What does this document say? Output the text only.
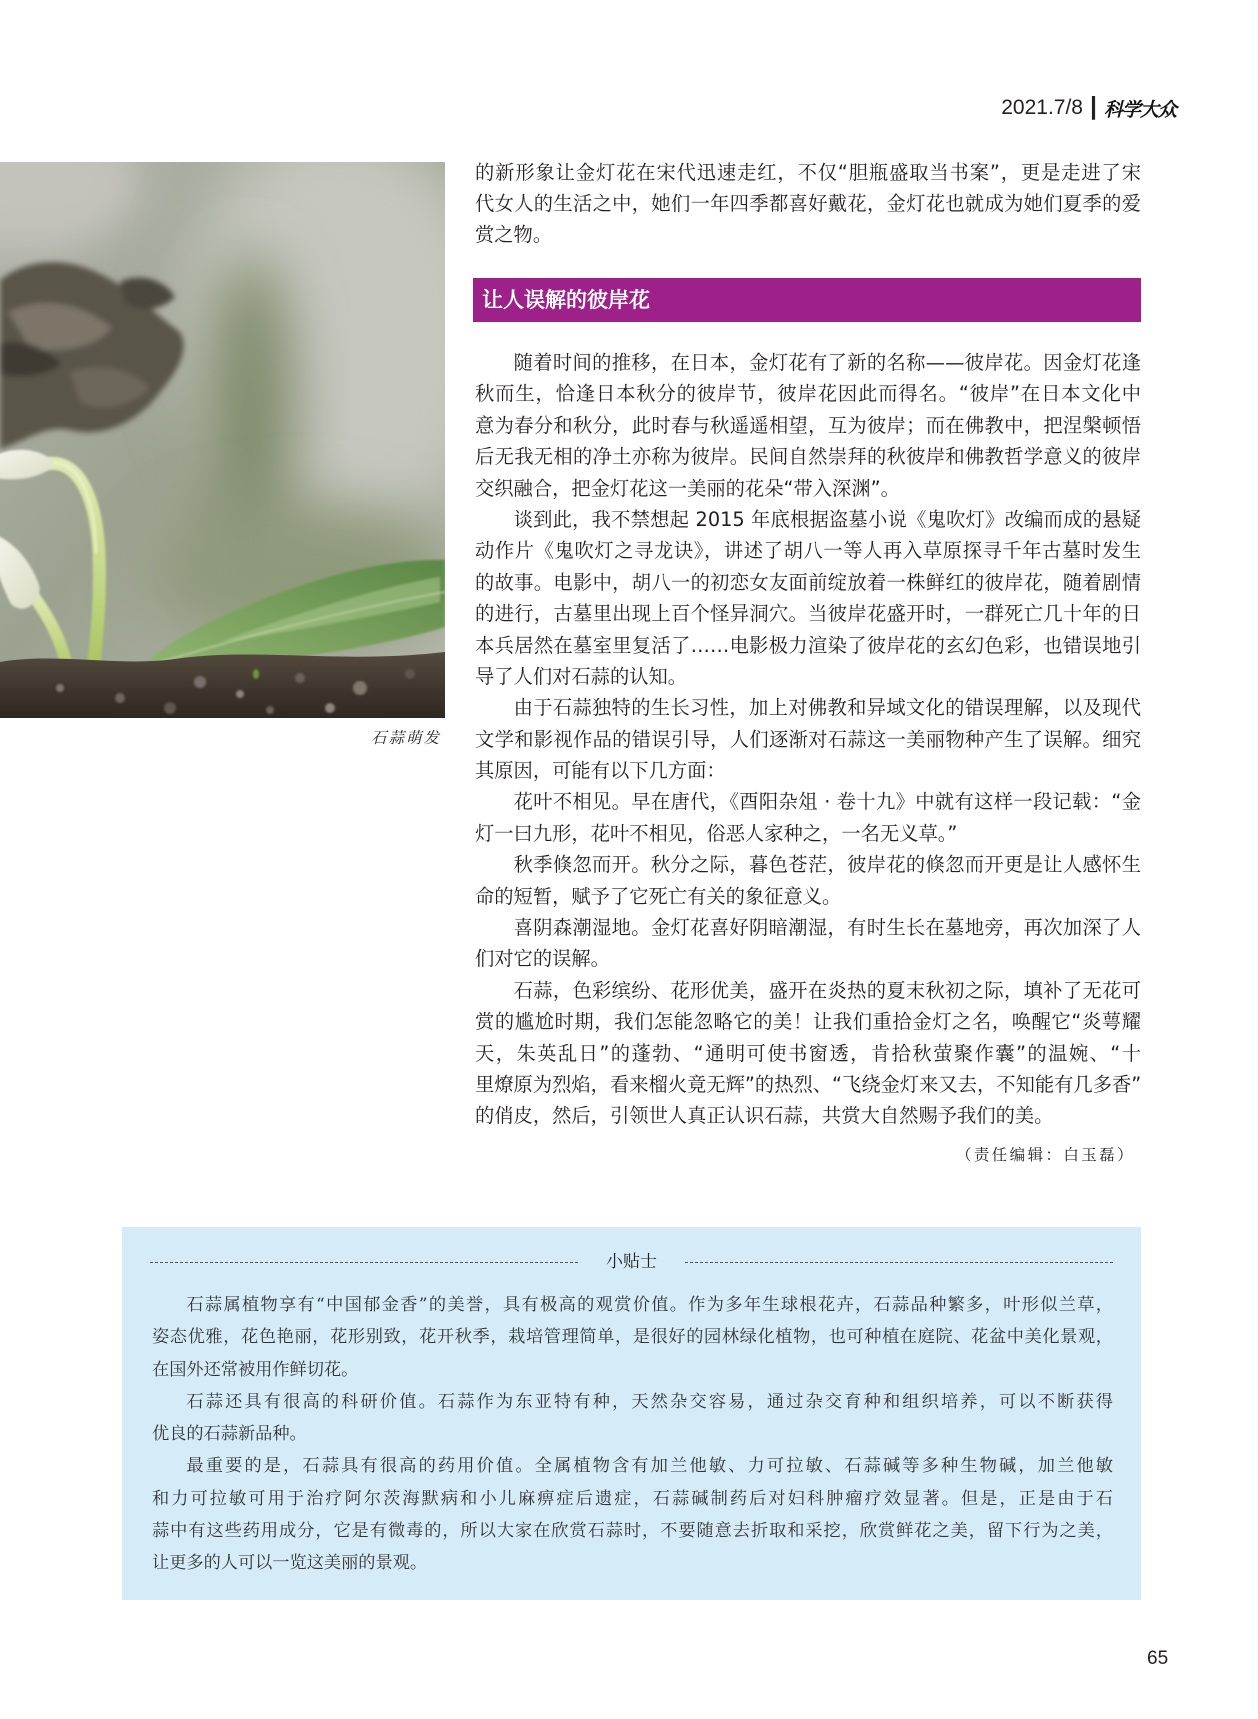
2021.7/8 | 科学大众
石蒜萌发
的新形象让金灯花在宋代迅速走红，不仅“胆瓶盛取当书案”，更是走进了宋
代女人的生活之中，她们一年四季都喜好戴花，金灯花也就成为她们夏季的爱
赏之物。
让人误解的彼岸花
随着时间的推移，在日本，金灯花有了新的名称——彼岸花。因金灯花逢
秋而生，恰逢日本秋分的彼岸节，彼岸花因此而得名。“彼岸”在日本文化中
意为春分和秋分，此时春与秋遥遥相望，互为彼岸；而在佛教中，把涅槃顿悟
后无我无相的净土亦称为彼岸。民间自然崇拜的秋彼岸和佛教哲学意义的彼岸
交织融合，把金灯花这一美丽的花朵“带入深渊”。
谈到此，我不禁想起 2015 年底根据盗墓小说《鬼吹灯》改编而成的悬疑
动作片《鬼吹灯之寻龙诀》，讲述了胡八一等人再入草原探寻千年古墓时发生
的故事。电影中，胡八一的初恋女友面前绽放着一株鲜红的彼岸花，随着剧情
的进行，古墓里出现上百个怪异洞穴。当彼岸花盛开时，一群死亡几十年的日
本兵居然在墓室里复活了……电影极力渲染了彼岸花的玄幻色彩，也错误地引
导了人们对石蒜的认知。
由于石蒜独特的生长习性，加上对佛教和异域文化的错误理解，以及现代
文学和影视作品的错误引导，人们逐渐对石蒜这一美丽物种产生了误解。细究
其原因，可能有以下几方面：
花叶不相见。早在唐代，《酉阳杂俎 · 卷十九》中就有这样一段记载：“金
灯一曰九形，花叶不相见，俗恶人家种之，一名无义草。”
秋季倏忽而开。秋分之际，暮色苍茫，彼岸花的倏忽而开更是让人感怀生
命的短暂，赋予了它死亡有关的象征意义。
喜阴森潮湿地。金灯花喜好阴暗潮湿，有时生长在墓地旁，再次加深了人
们对它的误解。
石蒜，色彩缤纷、花形优美，盛开在炎热的夏末秋初之际，填补了无花可
赏的尴尬时期，我们怎能忽略它的美！让我们重拾金灯之名，唤醒它“炎萼耀
天，朱英乱日”的蓬勃、“通明可使书窗透，肯拾秋萤聚作囊”的温婉、“十
里燎原为烈焰，看来榴火竟无辉”的热烈、“飞绕金灯来又去，不知能有几多香”
的俏皮，然后，引领世人真正认识石蒜，共赏大自然赐予我们的美。
（责任编辑：白玉磊）
小贴士
石蒜属植物享有“中国郁金香”的美誉，具有极高的观赏价值。作为多年生球根花卉，石蒜品种繁多，叶形似兰草，
姿态优雅，花色艳丽，花形别致，花开秋季，栽培管理简单，是很好的园林绿化植物，也可种植在庭院、花盆中美化景观，
在国外还常被用作鲜切花。
石蒜还具有很高的科研价值。石蒜作为东亚特有种，天然杂交容易，通过杂交育种和组织培养，可以不断获得
优良的石蒜新品种。
最重要的是，石蒜具有很高的药用价值。全属植物含有加兰他敏、力可拉敏、石蒜碱等多种生物碱，加兰他敏
和力可拉敏可用于治疗阿尔茨海默病和小儿麻痹症后遗症，石蒜碱制药后对妇科肿瘤疗效显著。但是，正是由于石
蒜中有这些药用成分，它是有微毒的，所以大家在欣赏石蒜时，不要随意去折取和采挖，欣赏鲜花之美，留下行为之美，
让更多的人可以一览这美丽的景观。
65
